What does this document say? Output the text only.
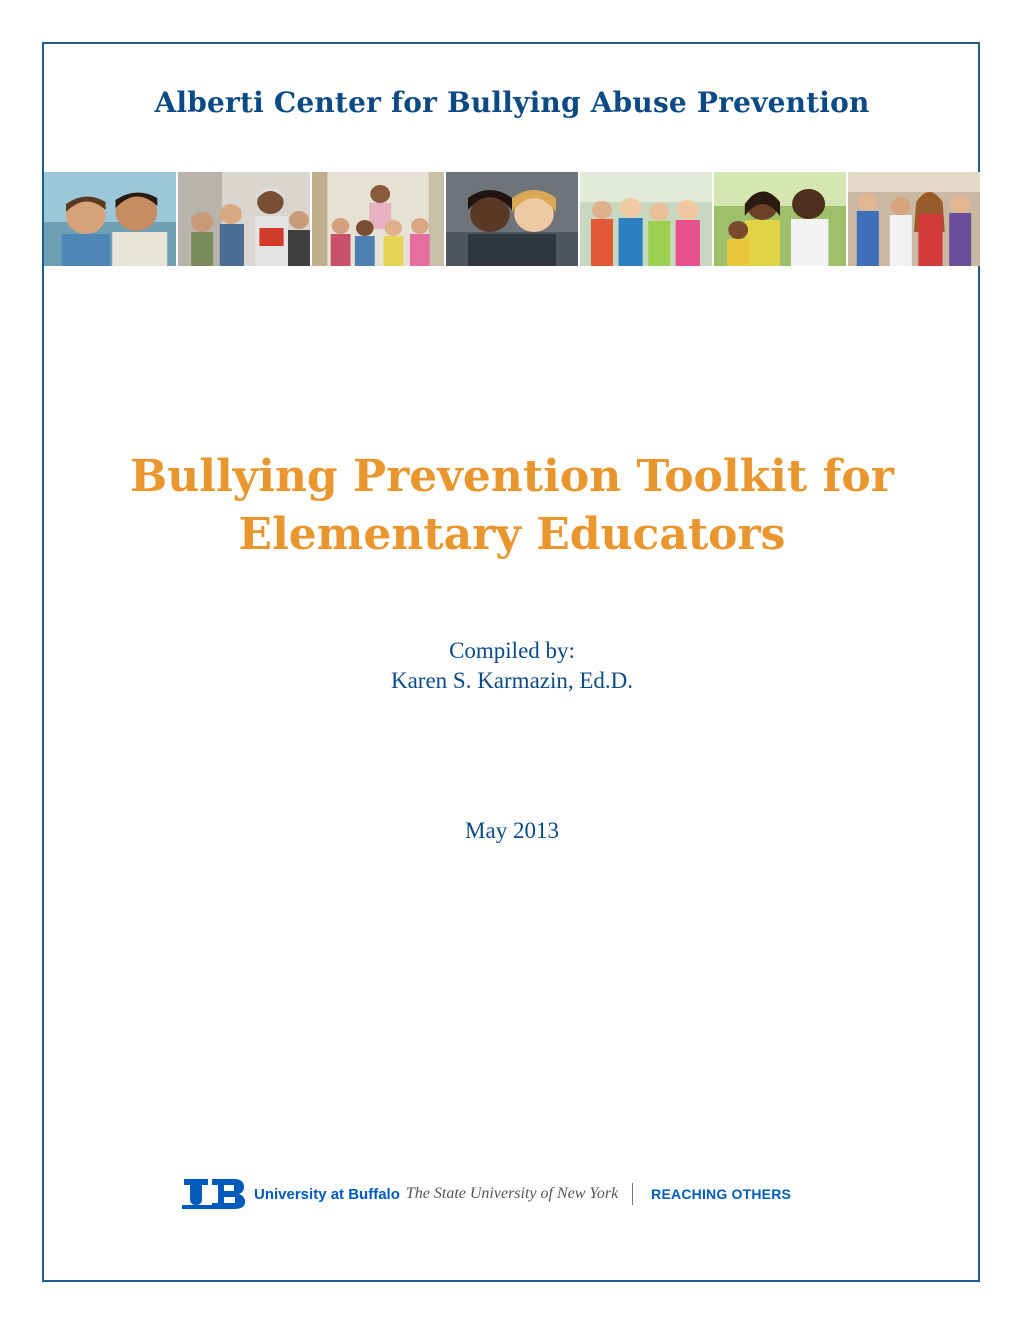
Alberti Center for Bullying Abuse Prevention
Bullying Prevention Toolkit for
Elementary Educators
Compiled by:
Karen S. Karmazin, Ed.D.
May 2013
University at Buffalo The State University of New York REACHING OTHERS
